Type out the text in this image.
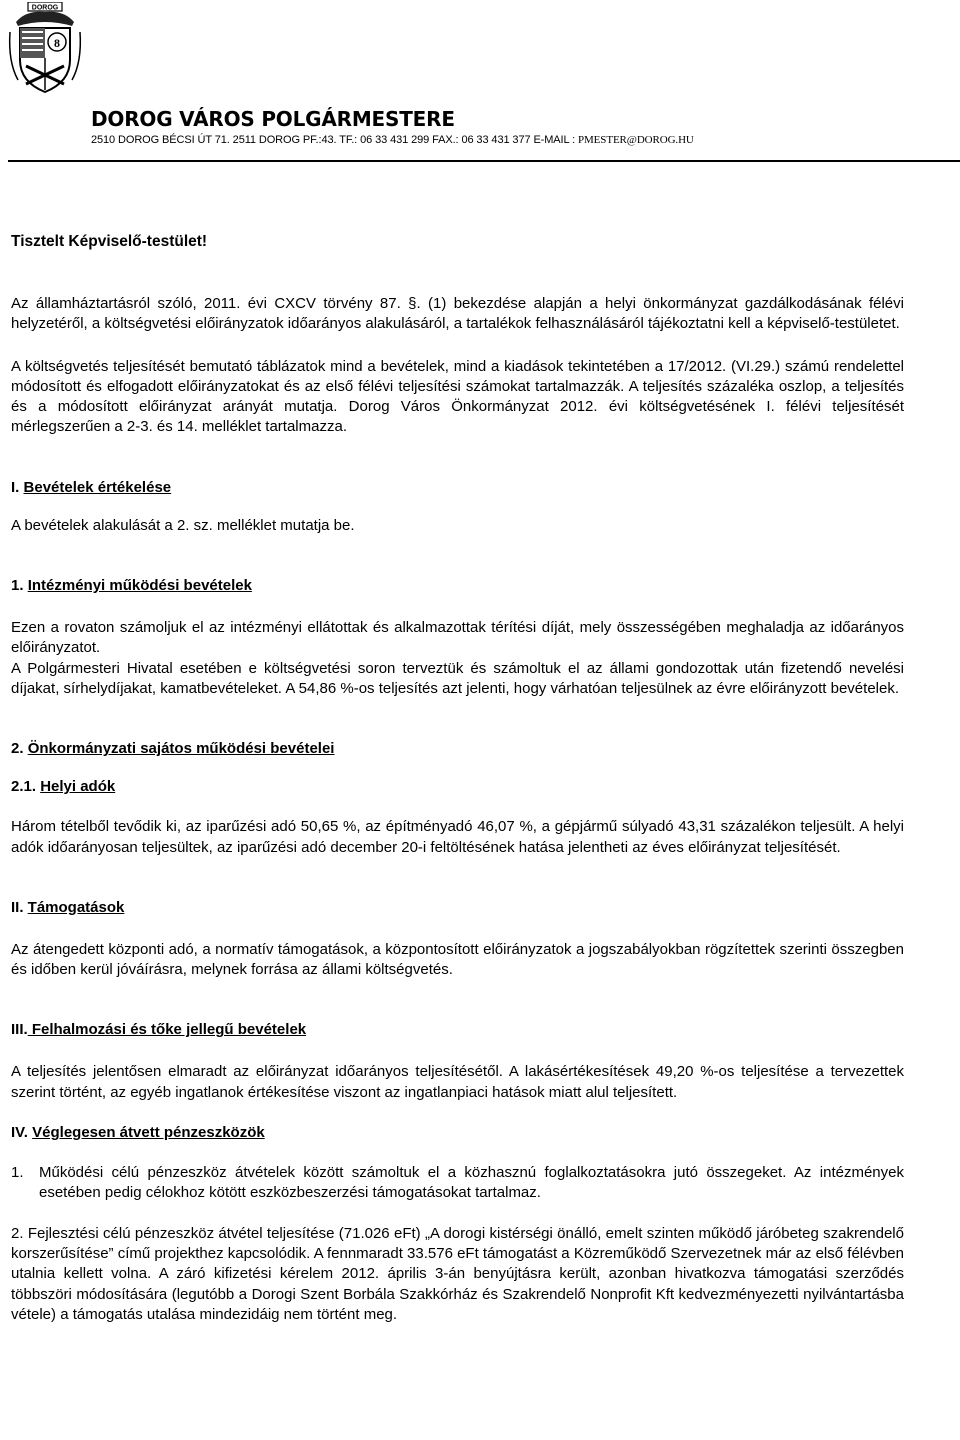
DOROG
8
DOROG VÁROS POLGÁRMESTERE
2510 DOROG BÉCSI ÚT 71. 2511 DOROG PF.:43. TF.: 06 33 431 299 FAX.: 06 33 431 377 E-MAIL : PMESTER@DOROG.HU
Tisztelt Képviselő-testület!

Az államháztartásról szóló, 2011. évi CXCV törvény 87. §. (1) bekezdése alapján a helyi önkormányzat gazdálkodásának félévi helyzetéről, a költségvetési előirányzatok időarányos alakulásáról, a tartalékok felhasználásáról tájékoztatni kell a képviselő-testületet.

A költségvetés teljesítését bemutató táblázatok mind a bevételek, mind a kiadások tekintetében a 17/2012. (VI.29.) számú rendelettel módosított és elfogadott előirányzatokat és az első félévi teljesítési számokat tartalmazzák. A teljesítés százaléka oszlop, a teljesítés és a módosított előirányzat arányát mutatja. Dorog Város Önkormányzat 2012. évi költségvetésének I. félévi teljesítését mérlegszerűen a 2-3. és 14. melléklet tartalmazza.

I. Bevételek értékelése

A bevételek alakulását a 2. sz. melléklet mutatja be.

1. Intézményi működési bevételek

Ezen a rovaton számoljuk el az intézményi ellátottak és alkalmazottak térítési díját, mely összességében meghaladja az időarányos előirányzatot.

A Polgármesteri Hivatal esetében e költségvetési soron terveztük és számoltuk el az állami gondozottak után fizetendő nevelési díjakat, sírhelydíjakat, kamatbevételeket. A 54,86 %-os teljesítés azt jelenti, hogy várhatóan teljesülnek az évre előirányzott bevételek.

2. Önkormányzati sajátos működési bevételei
2.1. Helyi adók

Három tételből tevődik ki, az iparűzési adó 50,65 %, az építményadó 46,07 %, a gépjármű súlyadó 43,31 százalékon teljesült. A helyi adók időarányosan teljesültek, az iparűzési adó december 20-i feltöltésének hatása jelentheti az éves előirányzat teljesítését.

II. Támogatások

Az átengedett központi adó, a normatív támogatások, a központosított előirányzatok a jogszabályokban rögzítettek szerinti összegben és időben kerül jóváírásra, melynek forrása az állami költségvetés.

III. Felhalmozási és tőke jellegű bevételek

A teljesítés jelentősen elmaradt az előirányzat időarányos teljesítésétől. A lakásértékesítések 49,20 %-os teljesítése a tervezettek szerint történt, az egyéb ingatlanok értékesítése viszont az ingatlanpiaci hatások miatt alul teljesített.

IV. Véglegesen átvett pénzeszközök
1.	Működési célú pénzeszköz átvételek között számoltuk el a közhasznú foglalkoztatásokra jutó összegeket. Az intézmények esetében pedig célokhoz kötött eszközbeszerzési támogatásokat tartalmaz.

2. Fejlesztési célú pénzeszköz átvétel teljesítése (71.026 eFt) „A dorogi kistérségi önálló, emelt szinten működő járóbeteg szakrendelő korszerűsítése” című projekthez kapcsolódik. A fennmaradt 33.576 eFt támogatást a Közreműködő Szervezetnek már az első félévben utalnia kellett volna. A záró kifizetési kérelem 2012. április 3-án benyújtásra került, azonban hivatkozva támogatási szerződés többszöri módosítására (legutóbb a Dorogi Szent Borbála Szakkórház és Szakrendelő Nonprofit Kft kedvezményezetti nyilvántartásba vétele) a támogatás utalása mindezidáig nem történt meg.
